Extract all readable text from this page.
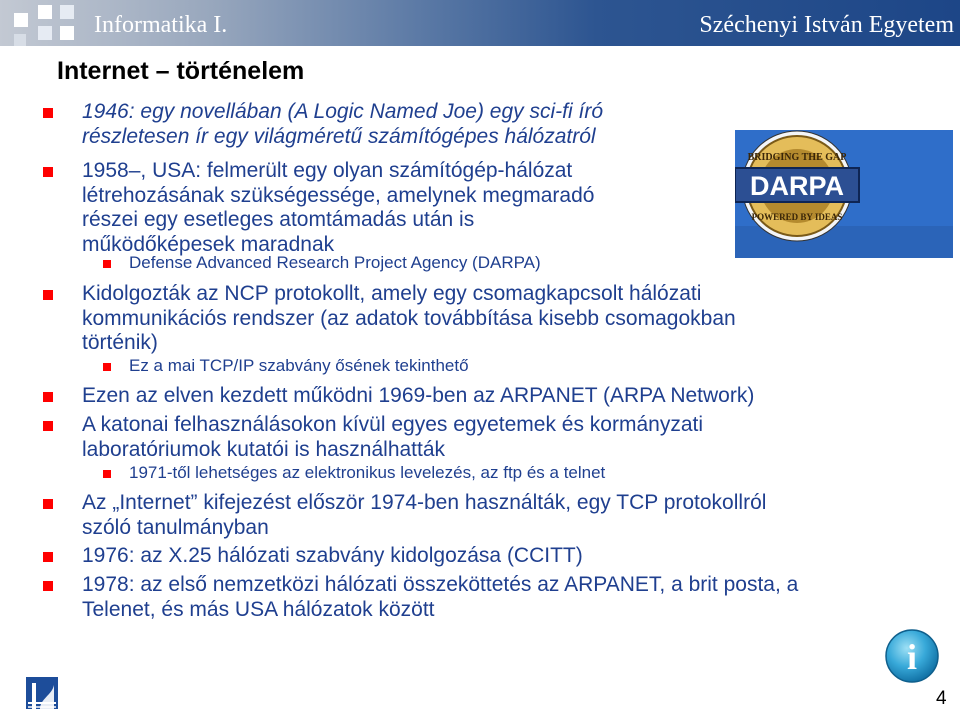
Informatika I.	Széchenyi István Egyetem
Internet – történelem
1946: egy novellában (A Logic Named Joe) egy sci-fi író
részletesen ír egy világméretű számítógépes hálózatról
1958–, USA: felmerült egy olyan számítógép-hálózat
létrehozásának szükségessége, amelynek megmaradó
részei egy esetleges atomtámadás után is
működőképesek maradnak
Defense Advanced Research Project Agency (DARPA)
Kidolgozták az NCP protokollt, amely egy csomagkapcsolt hálózati
kommunikációs rendszer (az adatok továbbítása kisebb csomagokban
történik)
Ez a mai TCP/IP szabvány ősének tekinthető
Ezen az elven kezdett működni 1969-ben az ARPANET (ARPA Network)
A katonai felhasználásokon kívül egyes egyetemek és kormányzati
laboratóriumok kutatói is használhatták
1971-től lehetséges az elektronikus levelezés, az ftp és a telnet
Az „Internet” kifejezést először 1974-ben használták, egy TCP protokollról
szóló tanulmányban
1976: az X.25 hálózati szabvány kidolgozása (CCITT)
1978: az első nemzetközi hálózati összeköttetés az ARPANET, a brit posta, a
Telenet, és más USA hálózatok között
DARPA
BRIDGING THE GAP
POWERED BY IDEAS
i
4
